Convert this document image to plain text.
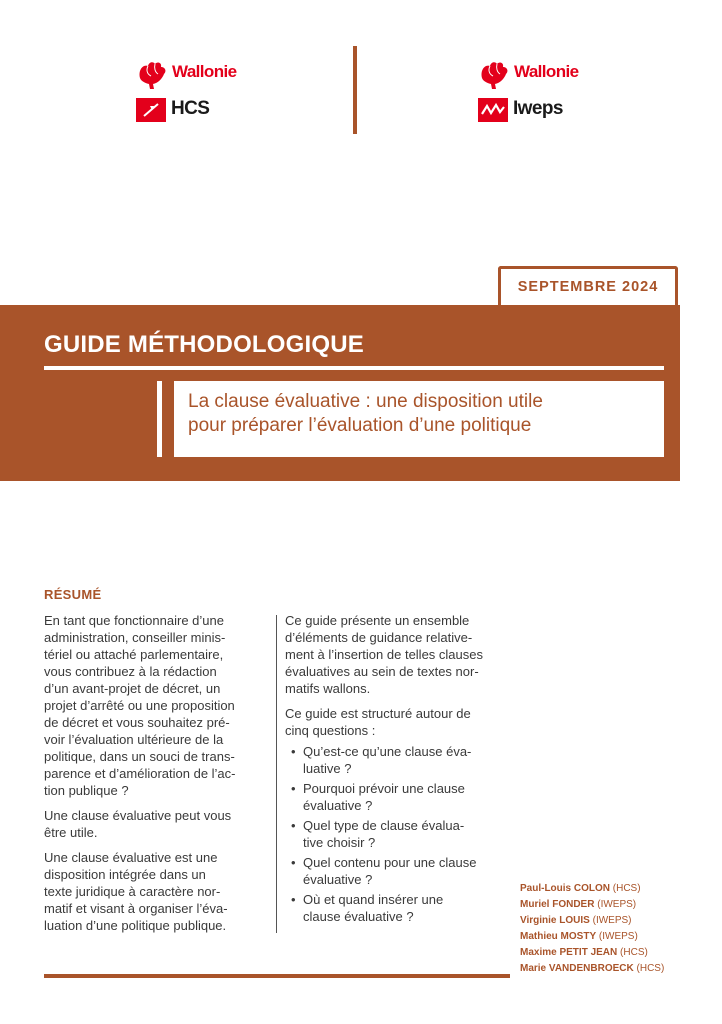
Wallonie
HCS
Wallonie
Iweps
SEPTEMBRE 2024
GUIDE MÉTHODOLOGIQUE
La clause évaluative : une disposition utile
pour préparer l’évaluation d’une politique
RÉSUMÉ
En tant que fonctionnaire d’une
administration, conseiller minis-
tériel ou attaché parlementaire,
vous contribuez à la rédaction
d’un avant-projet de décret, un
projet d’arrêté ou une proposition
de décret et vous souhaitez pré-
voir l’évaluation ultérieure de la
politique, dans un souci de trans-
parence et d’amélioration de l’ac-
tion publique ?
Une clause évaluative peut vous
être utile.
Une clause évaluative est une
disposition intégrée dans un
texte juridique à caractère nor-
matif et visant à organiser l’éva-
luation d’une politique publique.
Ce guide présente un ensemble
d’éléments de guidance relative-
ment à l’insertion de telles clauses
évaluatives au sein de textes nor-
matifs wallons.
Ce guide est structuré autour de
cinq questions :
• Qu’est-ce qu’une clause éva-
luative ?
• Pourquoi prévoir une clause
évaluative ?
• Quel type de clause évalua-
tive choisir ?
• Quel contenu pour une clause
évaluative ?
• Où et quand insérer une
clause évaluative ?
Paul-Louis COLON (HCS)
Muriel FONDER (IWEPS)
Virginie LOUIS (IWEPS)
Mathieu MOSTY (IWEPS)
Maxime PETIT JEAN (HCS)
Marie VANDENBROECK (HCS)
